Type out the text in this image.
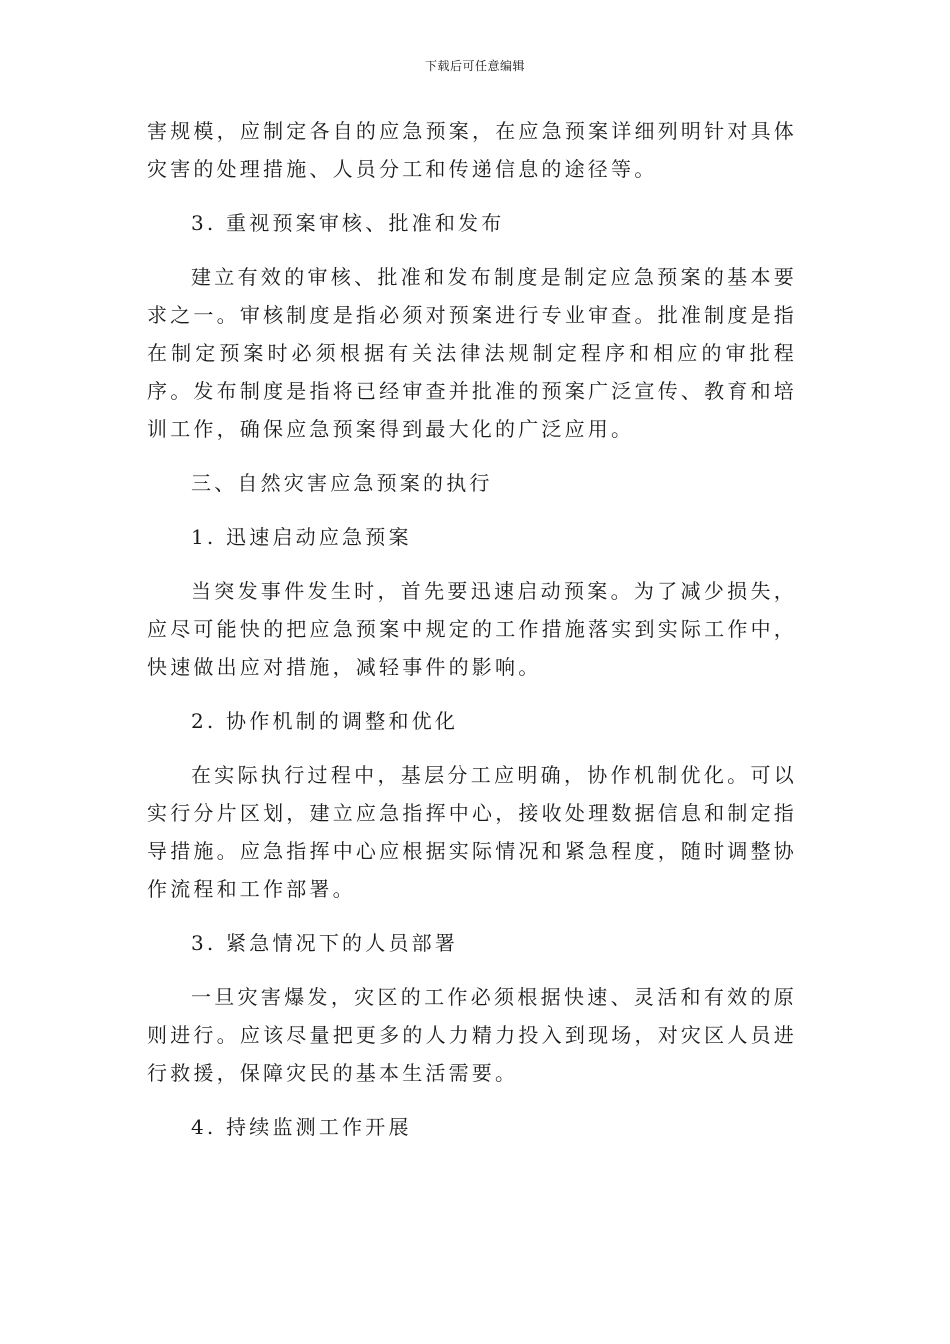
下载后可任意编辑

害规模，应制定各自的应急预案，在应急预案详细列明针对具体灾害的处理措施、人员分工和传递信息的途径等。

3. 重视预案审核、批准和发布

建立有效的审核、批准和发布制度是制定应急预案的基本要求之一。审核制度是指必须对预案进行专业审查。批准制度是指在制定预案时必须根据有关法律法规制定程序和相应的审批程序。发布制度是指将已经审查并批准的预案广泛宣传、教育和培训工作，确保应急预案得到最大化的广泛应用。

三、自然灾害应急预案的执行

1. 迅速启动应急预案

当突发事件发生时，首先要迅速启动预案。为了减少损失，应尽可能快的把应急预案中规定的工作措施落实到实际工作中，快速做出应对措施，减轻事件的影响。

2. 协作机制的调整和优化

在实际执行过程中，基层分工应明确，协作机制优化。可以实行分片区划，建立应急指挥中心，接收处理数据信息和制定指导措施。应急指挥中心应根据实际情况和紧急程度，随时调整协作流程和工作部署。

3. 紧急情况下的人员部署

一旦灾害爆发，灾区的工作必须根据快速、灵活和有效的原则进行。应该尽量把更多的人力精力投入到现场，对灾区人员进行救援，保障灾民的基本生活需要。

4. 持续监测工作开展
